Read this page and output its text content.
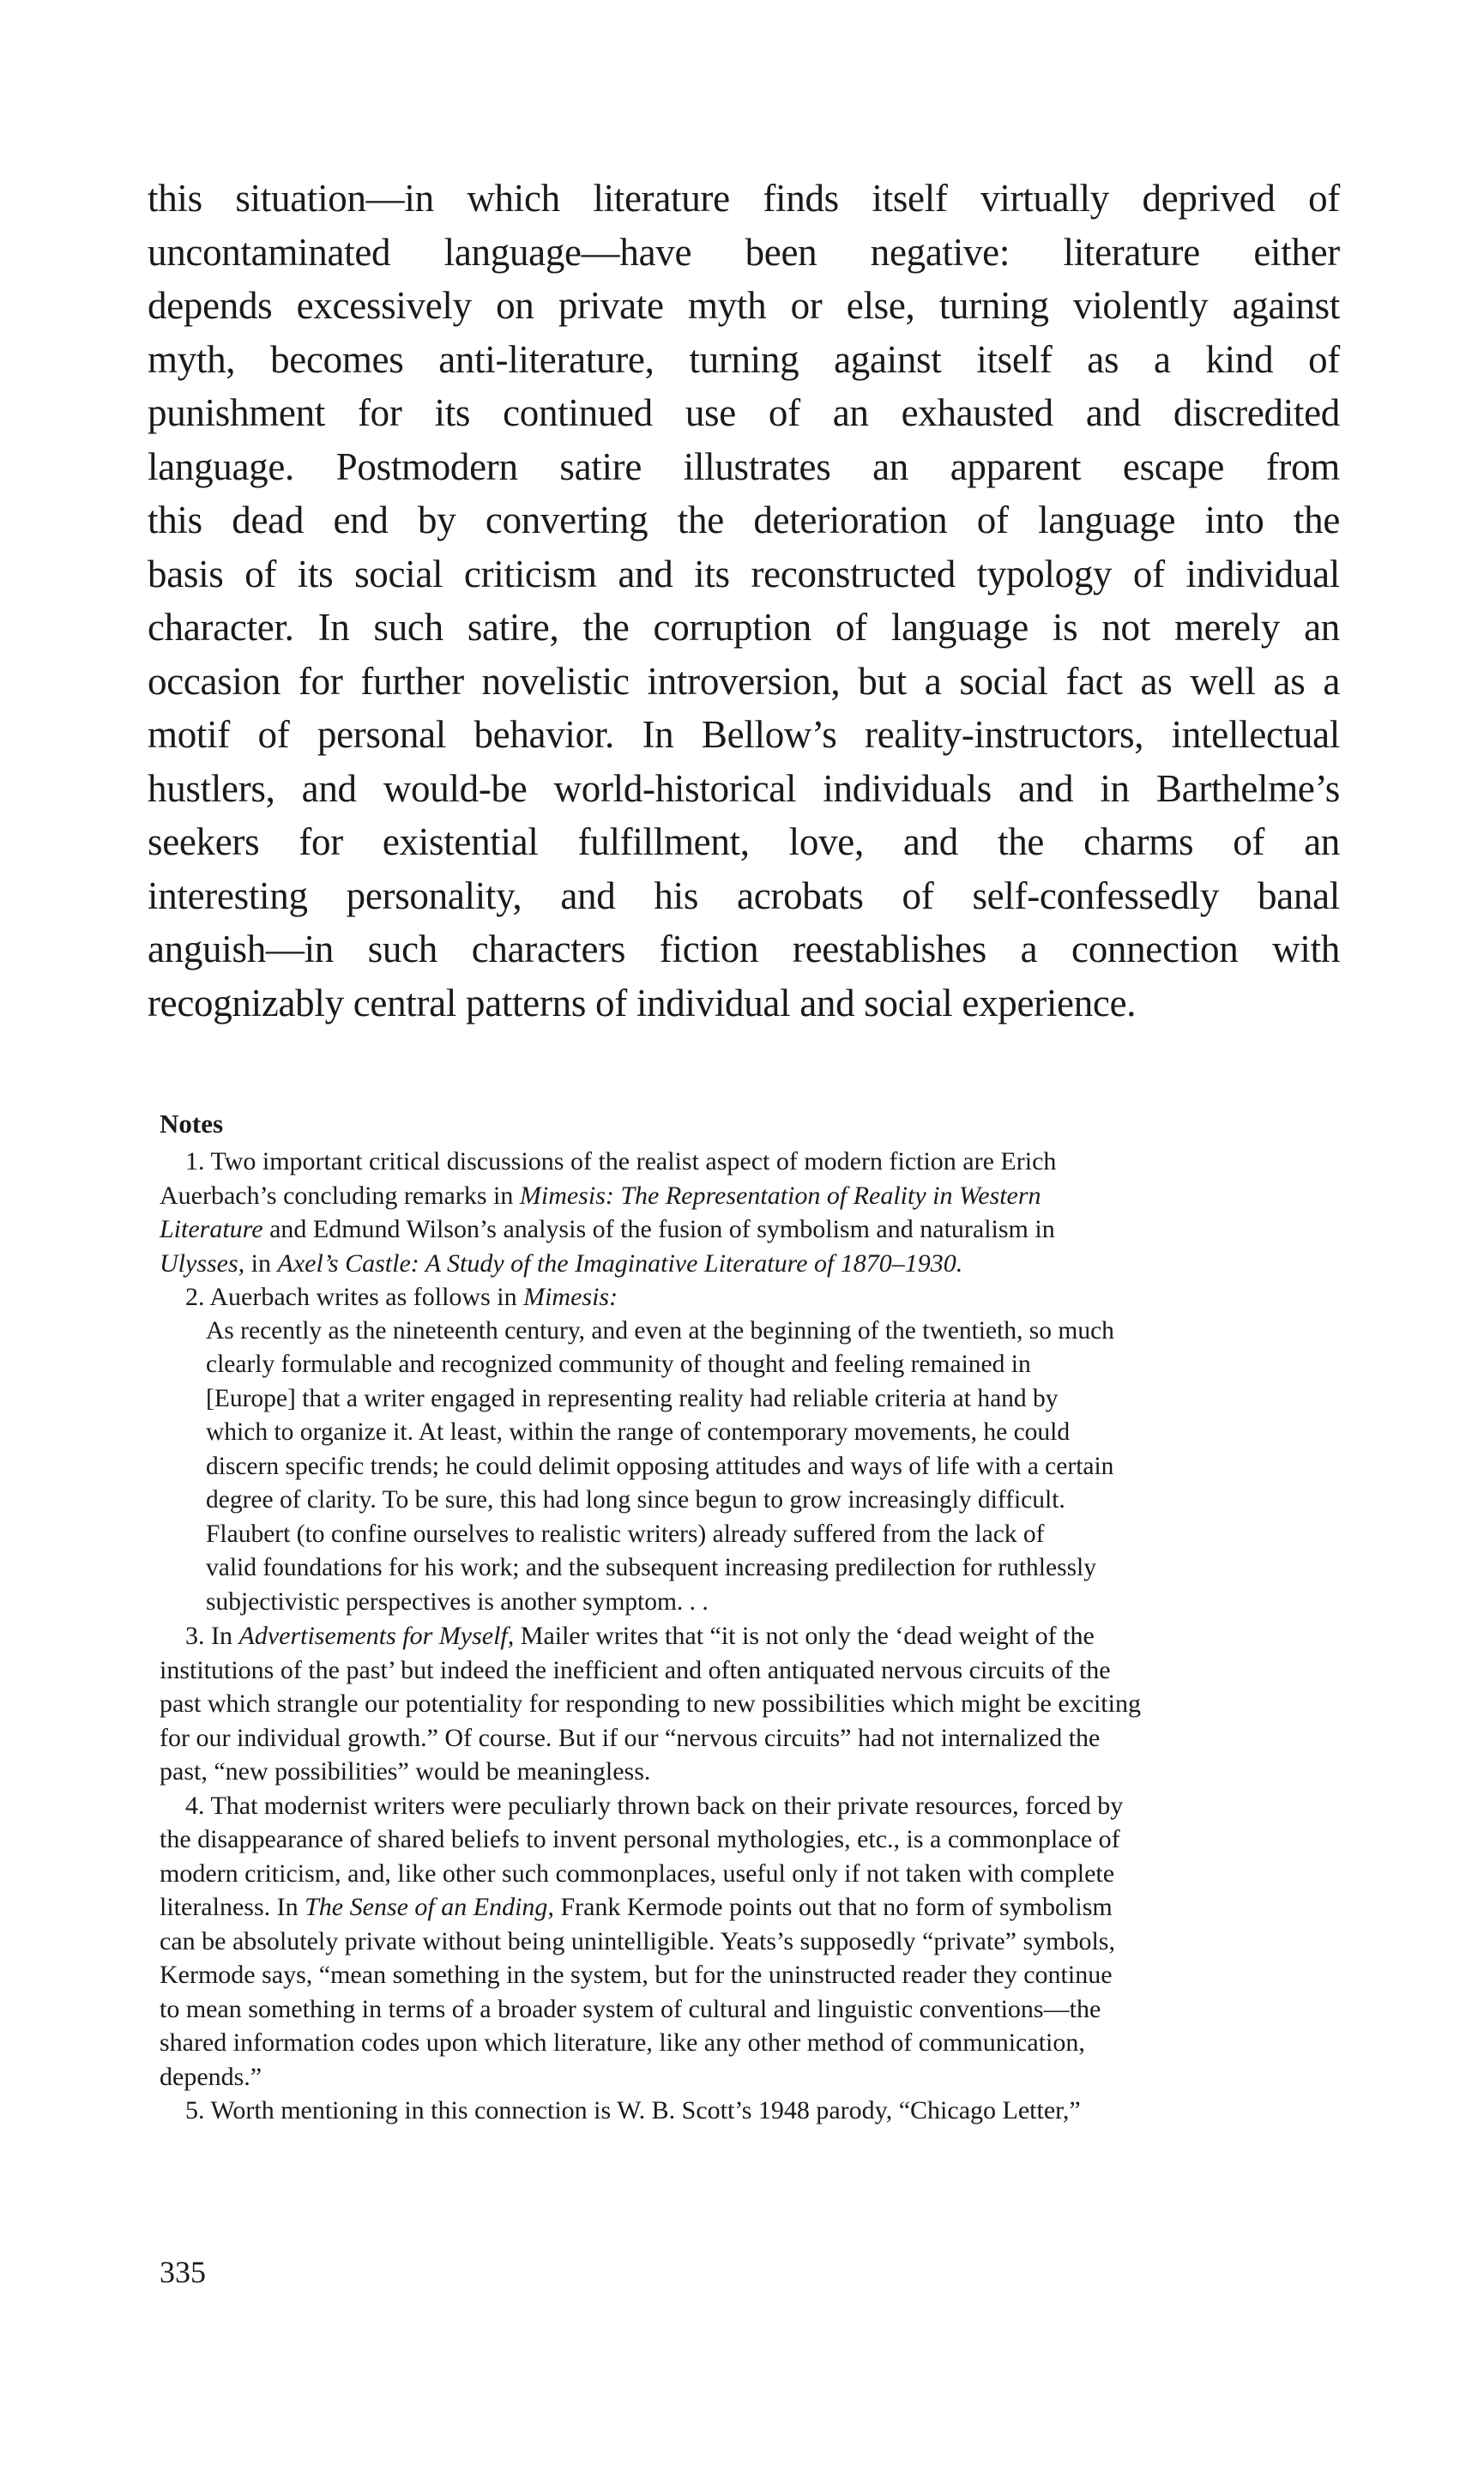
this situation—in which literature finds itself virtually deprived of
uncontaminated language—have been negative: literature either
depends excessively on private myth or else, turning violently against
myth, becomes anti-literature, turning against itself as a kind of
punishment for its continued use of an exhausted and discredited
language. Postmodern satire illustrates an apparent escape from
this dead end by converting the deterioration of language into the
basis of its social criticism and its reconstructed typology of individual
character. In such satire, the corruption of language is not merely an
occasion for further novelistic introversion, but a social fact as well as a
motif of personal behavior. In Bellow’s reality-instructors, intellectual
hustlers, and would-be world-historical individuals and in Barthelme’s
seekers for existential fulfillment, love, and the charms of an
interesting personality, and his acrobats of self-confessedly banal
anguish—in such characters fiction reestablishes a connection with
recognizably central patterns of individual and social experience.
Notes
1. Two important critical discussions of the realist aspect of modern fiction are Erich
Auerbach’s concluding remarks in Mimesis: The Representation of Reality in Western
Literature and Edmund Wilson’s analysis of the fusion of symbolism and naturalism in
Ulysses, in Axel’s Castle: A Study of the Imaginative Literature of 1870–1930.
2. Auerbach writes as follows in Mimesis:
As recently as the nineteenth century, and even at the beginning of the twentieth, so much
clearly formulable and recognized community of thought and feeling remained in
[Europe] that a writer engaged in representing reality had reliable criteria at hand by
which to organize it. At least, within the range of contemporary movements, he could
discern specific trends; he could delimit opposing attitudes and ways of life with a certain
degree of clarity. To be sure, this had long since begun to grow increasingly difficult.
Flaubert (to confine ourselves to realistic writers) already suffered from the lack of
valid foundations for his work; and the subsequent increasing predilection for ruthlessly
subjectivistic perspectives is another symptom. . .
3. In Advertisements for Myself, Mailer writes that “it is not only the ‘dead weight of the
institutions of the past’ but indeed the inefficient and often antiquated nervous circuits of the
past which strangle our potentiality for responding to new possibilities which might be exciting
for our individual growth.” Of course. But if our “nervous circuits” had not internalized the
past, “new possibilities” would be meaningless.
4. That modernist writers were peculiarly thrown back on their private resources, forced by
the disappearance of shared beliefs to invent personal mythologies, etc., is a commonplace of
modern criticism, and, like other such commonplaces, useful only if not taken with complete
literalness. In The Sense of an Ending, Frank Kermode points out that no form of symbolism
can be absolutely private without being unintelligible. Yeats’s supposedly “private” symbols,
Kermode says, “mean something in the system, but for the uninstructed reader they continue
to mean something in terms of a broader system of cultural and linguistic conventions—the
shared information codes upon which literature, like any other method of communication,
depends.”
5. Worth mentioning in this connection is W. B. Scott’s 1948 parody, “Chicago Letter,”
335
